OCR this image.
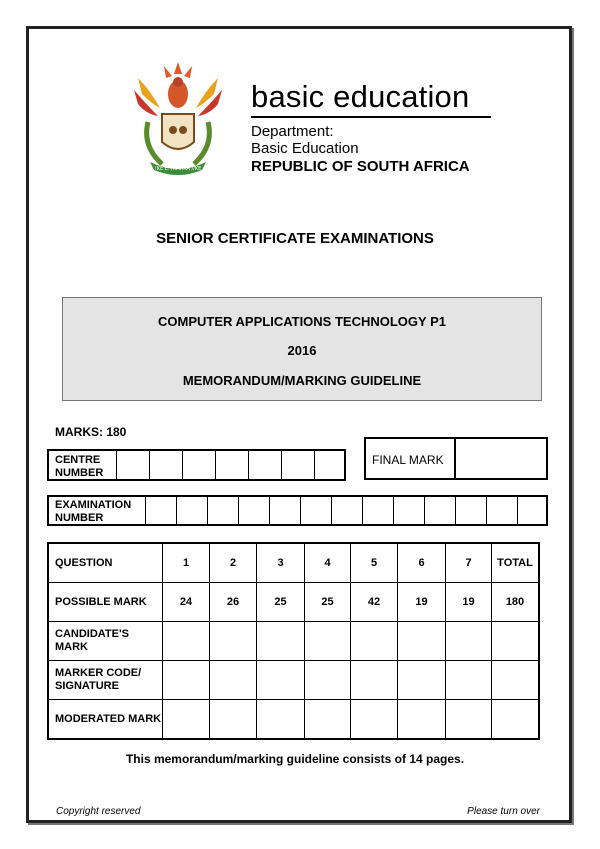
!KE E: /XARRA //KE
basic education
Department:
Basic Education
REPUBLIC OF SOUTH AFRICA
SENIOR CERTIFICATE EXAMINATIONS
COMPUTER APPLICATIONS TECHNOLOGY P1
2016
MEMORANDUM/MARKING GUIDELINE
MARKS: 180
CENTRE NUMBER
FINAL MARK
EXAMINATION NUMBER
QUESTION	1	2	3	4	5	6	7	TOTAL
POSSIBLE MARK	24	26	25	25	42	19	19	180
CANDIDATE'S MARK								
MARKER CODE/ SIGNATURE								
MODERATED MARK								
This memorandum/marking guideline consists of 14 pages.
Copyright reserved	Please turn over
